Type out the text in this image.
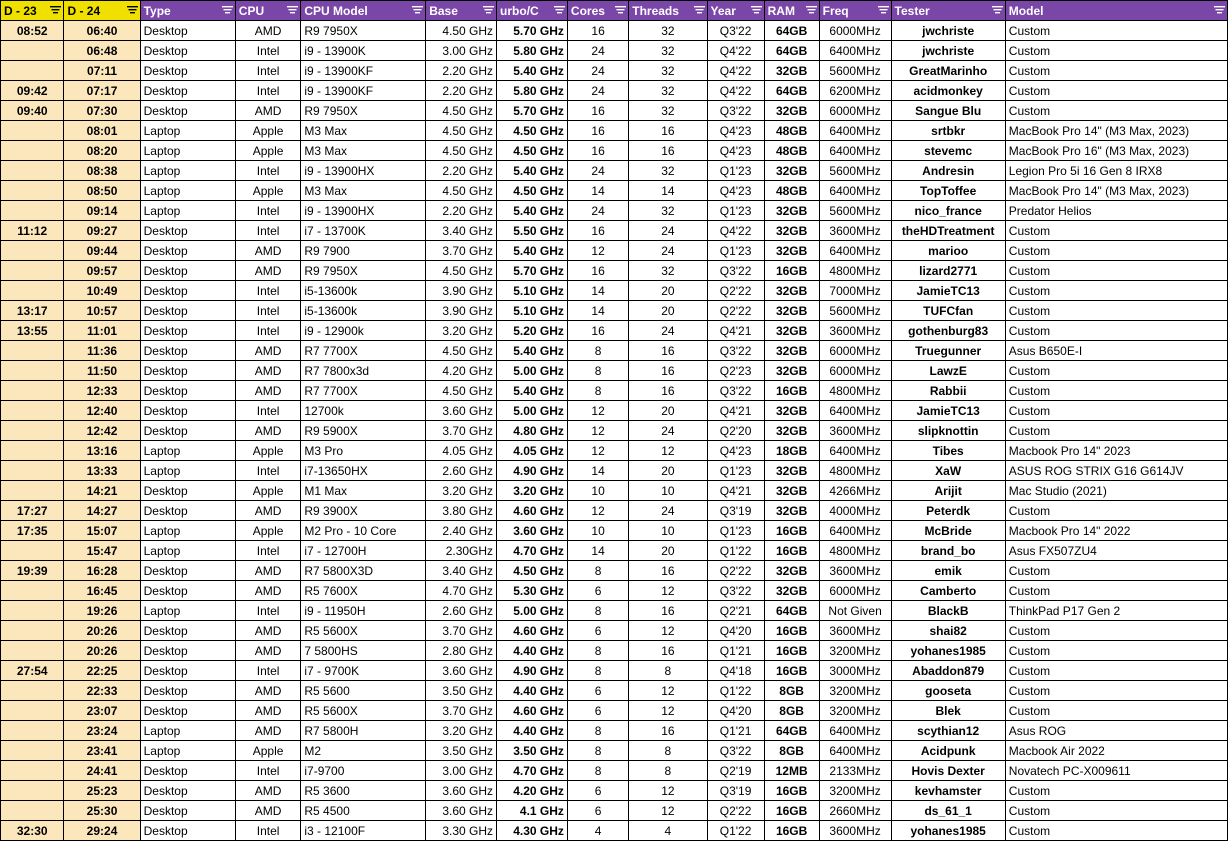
D - 23	D - 24	Type	CPU	CPU Model	Base	urbo/C	Cores	Threads	Year	RAM	Freq	Tester	Model

08:52	06:40	Desktop	AMD	R9 7950X	4.50 GHz	5.70 GHz	16	32	Q3'22	64GB	6000MHz	jwchriste	Custom
	06:48	Desktop	Intel	i9 - 13900K	3.00 GHz	5.80 GHz	24	32	Q4'22	64GB	6400MHz	jwchriste	Custom
	07:11	Desktop	Intel	i9 - 13900KF	2.20 GHz	5.40 GHz	24	32	Q4'22	32GB	5600MHz	GreatMarinho	Custom
09:42	07:17	Desktop	Intel	i9 - 13900KF	2.20 GHz	5.80 GHz	24	32	Q4'22	64GB	6200MHz	acidmonkey	Custom
09:40	07:30	Desktop	AMD	R9 7950X	4.50 GHz	5.70 GHz	16	32	Q3'22	32GB	6000MHz	Sangue Blu	Custom
	08:01	Laptop	Apple	M3 Max	4.50 GHz	4.50 GHz	16	16	Q4'23	48GB	6400MHz	srtbkr	MacBook Pro 14" (M3 Max, 2023)
	08:20	Laptop	Apple	M3 Max	4.50 GHz	4.50 GHz	16	16	Q4'23	48GB	6400MHz	stevemc	MacBook Pro 16" (M3 Max, 2023)
	08:38	Laptop	Intel	i9 - 13900HX	2.20 GHz	5.40 GHz	24	32	Q1'23	32GB	5600MHz	Andresin	Legion Pro 5i 16 Gen 8 IRX8
	08:50	Laptop	Apple	M3 Max	4.50 GHz	4.50 GHz	14	14	Q4'23	48GB	6400MHz	TopToffee	MacBook Pro 14" (M3 Max, 2023)
	09:14	Laptop	Intel	i9 - 13900HX	2.20 GHz	5.40 GHz	24	32	Q1'23	32GB	5600MHz	nico_france	Predator Helios
11:12	09:27	Desktop	Intel	i7 - 13700K	3.40 GHz	5.50 GHz	16	24	Q4'22	32GB	3600MHz	theHDTreatment	Custom
	09:44	Desktop	AMD	R9 7900	3.70 GHz	5.40 GHz	12	24	Q1'23	32GB	6400MHz	marioo	Custom
	09:57	Desktop	AMD	R9 7950X	4.50 GHz	5.70 GHz	16	32	Q3'22	16GB	4800MHz	lizard2771	Custom
	10:49	Desktop	Intel	i5-13600k	3.90 GHz	5.10 GHz	14	20	Q2'22	32GB	7000MHz	JamieTC13	Custom
13:17	10:57	Desktop	Intel	i5-13600k	3.90 GHz	5.10 GHz	14	20	Q2'22	32GB	5600MHz	TUFCfan	Custom
13:55	11:01	Desktop	Intel	i9 - 12900k	3.20 GHz	5.20 GHz	16	24	Q4'21	32GB	3600MHz	gothenburg83	Custom
	11:36	Desktop	AMD	R7 7700X	4.50 GHz	5.40 GHz	8	16	Q3'22	32GB	6000MHz	Truegunner	Asus B650E-I
	11:50	Desktop	AMD	R7 7800x3d	4.20 GHz	5.00 GHz	8	16	Q2'23	32GB	6000MHz	LawzE	Custom
	12:33	Desktop	AMD	R7 7700X	4.50 GHz	5.40 GHz	8	16	Q3'22	16GB	4800MHz	Rabbii	Custom
	12:40	Desktop	Intel	12700k	3.60 GHz	5.00 GHz	12	20	Q4'21	32GB	6400MHz	JamieTC13	Custom
	12:42	Desktop	AMD	R9 5900X	3.70 GHz	4.80 GHz	12	24	Q2'20	32GB	3600MHz	slipknottin	Custom
	13:16	Laptop	Apple	M3 Pro	4.05 GHz	4.05 GHz	12	12	Q4'23	18GB	6400MHz	Tibes	Macbook Pro 14" 2023
	13:33	Laptop	Intel	i7-13650HX	2.60 GHz	4.90 GHz	14	20	Q1'23	32GB	4800MHz	XaW	ASUS ROG STRIX G16 G614JV
	14:21	Desktop	Apple	M1 Max	3.20 GHz	3.20 GHz	10	10	Q4'21	32GB	4266MHz	Arijit	Mac Studio (2021)
17:27	14:27	Desktop	AMD	R9 3900X	3.80 GHz	4.60 GHz	12	24	Q3'19	32GB	4000MHz	Peterdk	Custom
17:35	15:07	Laptop	Apple	M2 Pro - 10 Core	2.40 GHz	3.60 GHz	10	10	Q1'23	16GB	6400MHz	McBride	Macbook Pro 14" 2022
	15:47	Laptop	Intel	i7 - 12700H	2.30GHz	4.70 GHz	14	20	Q1'22	16GB	4800MHz	brand_bo	Asus FX507ZU4
19:39	16:28	Desktop	AMD	R7 5800X3D	3.40 GHz	4.50 GHz	8	16	Q2'22	32GB	3600MHz	emik	Custom
	16:45	Desktop	AMD	R5 7600X	4.70 GHz	5.30 GHz	6	12	Q3'22	32GB	6000MHz	Camberto	Custom
	19:26	Laptop	Intel	i9 - 11950H	2.60 GHz	5.00 GHz	8	16	Q2'21	64GB	Not Given	BlackB	ThinkPad P17 Gen 2
	20:26	Desktop	AMD	R5 5600X	3.70 GHz	4.60 GHz	6	12	Q4'20	16GB	3600MHz	shai82	Custom
	20:26	Desktop	AMD	7 5800HS	2.80 GHz	4.40 GHz	8	16	Q1'21	16GB	3200MHz	yohanes1985	Custom
27:54	22:25	Desktop	Intel	i7 - 9700K	3.60 GHz	4.90 GHz	8	8	Q4'18	16GB	3000MHz	Abaddon879	Custom
	22:33	Desktop	AMD	R5 5600	3.50 GHz	4.40 GHz	6	12	Q1'22	8GB	3200MHz	gooseta	Custom
	23:07	Desktop	AMD	R5 5600X	3.70 GHz	4.60 GHz	6	12	Q4'20	8GB	3200MHz	Blek	Custom
	23:24	Laptop	AMD	R7 5800H	3.20 GHz	4.40 GHz	8	16	Q1'21	64GB	6400MHz	scythian12	Asus ROG
	23:41	Laptop	Apple	M2	3.50 GHz	3.50 GHz	8	8	Q3'22	8GB	6400MHz	Acidpunk	Macbook Air 2022
	24:41	Desktop	Intel	i7-9700	3.00 GHz	4.70 GHz	8	8	Q2'19	12MB	2133MHz	Hovis Dexter	Novatech PC-X009611
	25:23	Desktop	AMD	R5 3600	3.60 GHz	4.20 GHz	6	12	Q3'19	16GB	3200MHz	kevhamster	Custom
	25:30	Desktop	AMD	R5 4500	3.60 GHz	4.1 GHz	6	12	Q2'22	16GB	2660MHz	ds_61_1	Custom
32:30	29:24	Desktop	Intel	i3 - 12100F	3.30 GHz	4.30 GHz	4	4	Q1'22	16GB	3600MHz	yohanes1985	Custom
